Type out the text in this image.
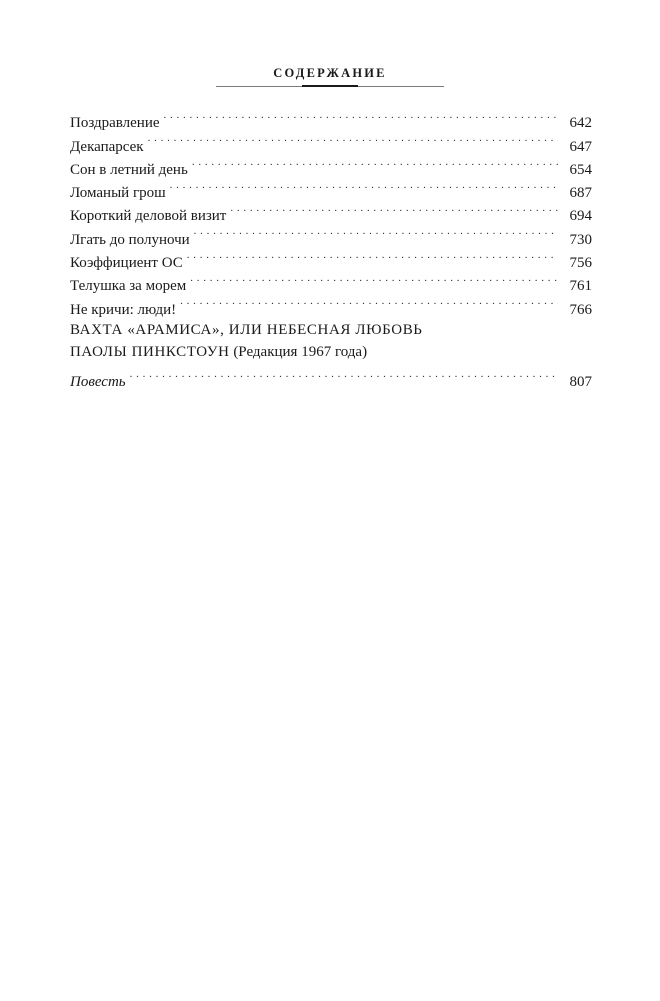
СОДЕРЖАНИЕ
Поздравление . . .	642
Декапарсек . . .	647
Сон в летний день . . .	654
Ломаный грош . . .	687
Короткий деловой визит . . .	694
Лгать до полуночи . . .	730
Коэффициент ОС . . .	756
Телушка за морем . . .	761
Не кричи: люди! . . .	766
ВАХТА «АРАМИСА», ИЛИ НЕБЕСНАЯ ЛЮБОВЬ
ПАОЛЫ ПИНКСТОУН (Редакция 1967 года)
Повесть . . .	807
